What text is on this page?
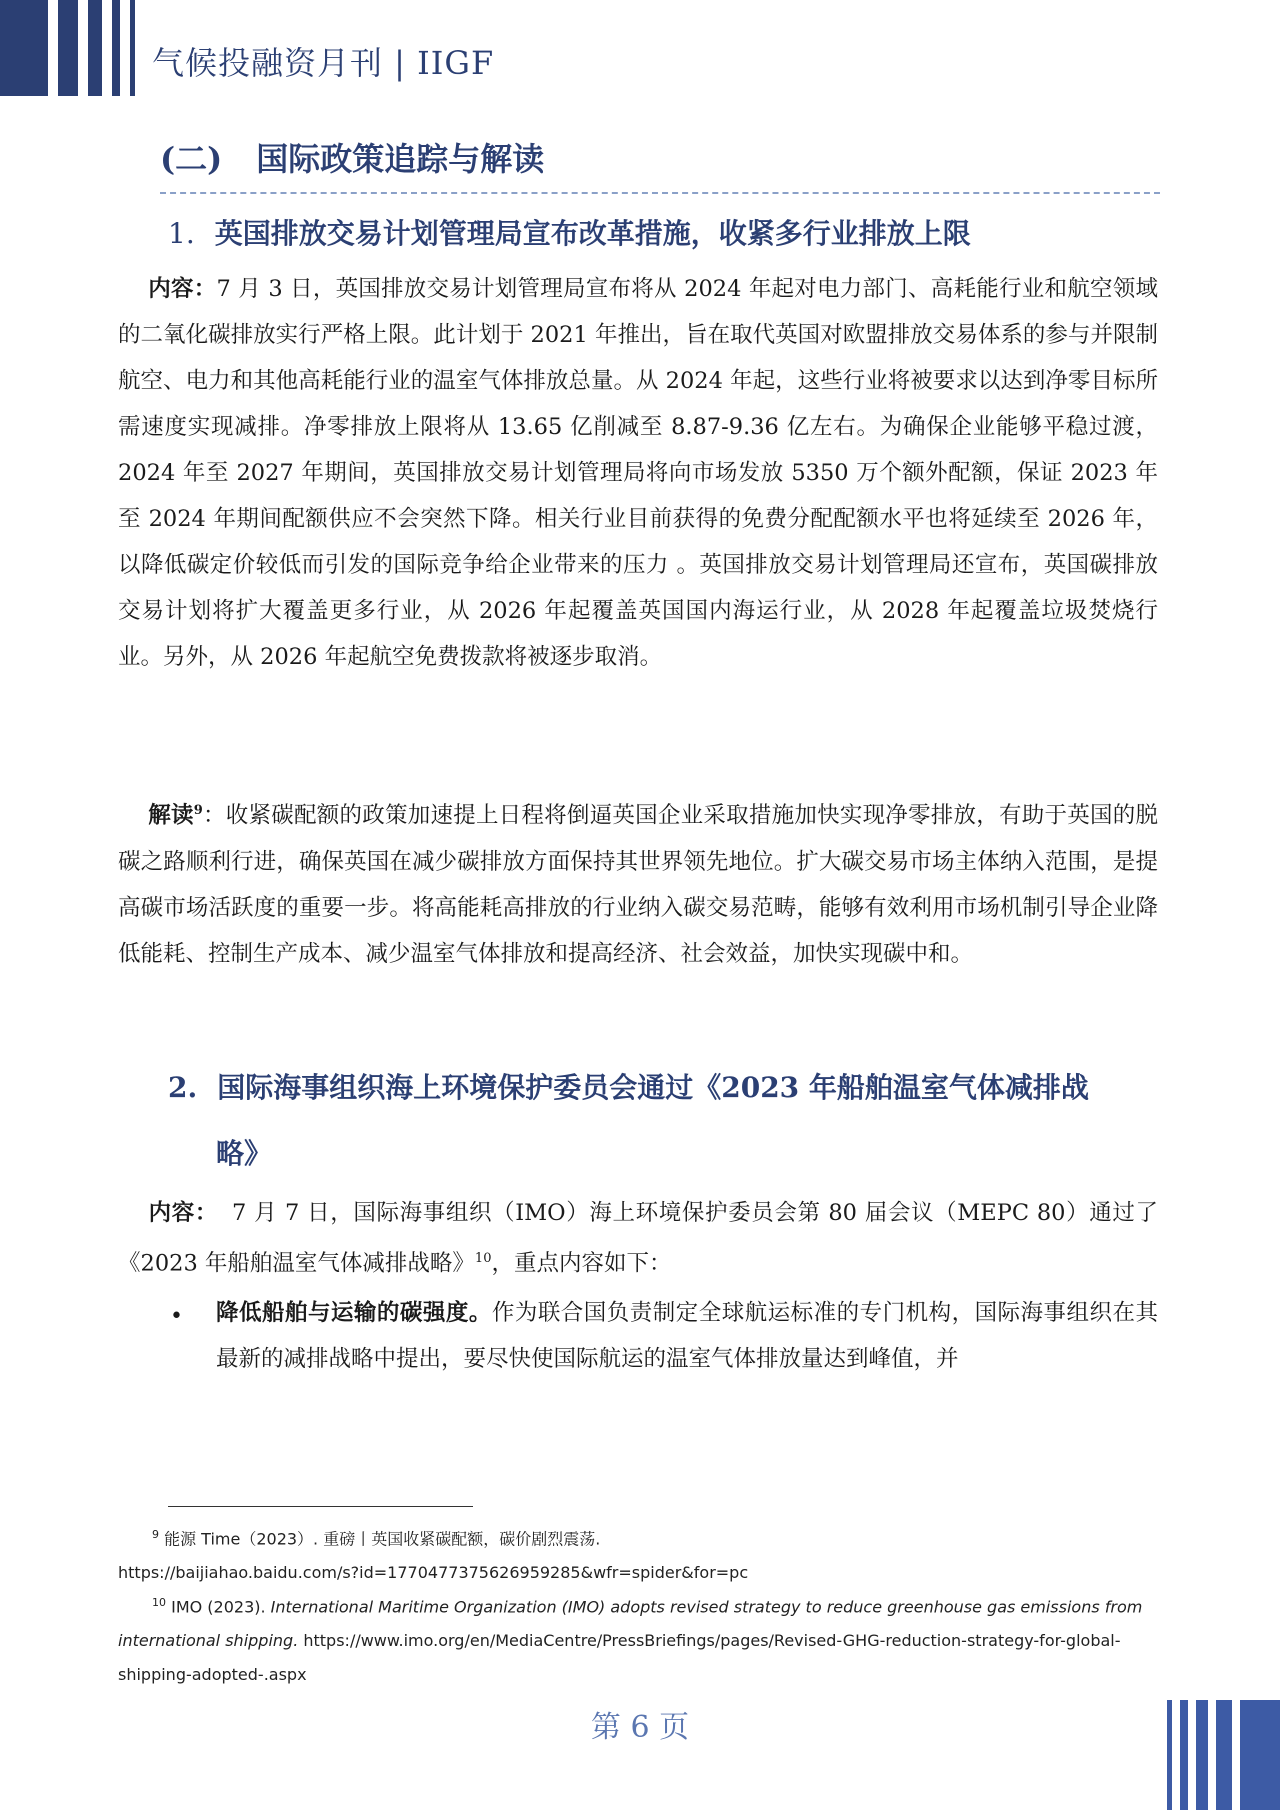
气候投融资月刊 | IIGF
(二) 国际政策追踪与解读
1. 英国排放交易计划管理局宣布改革措施，收紧多行业排放上限
内容：7 月 3 日，英国排放交易计划管理局宣布将从 2024 年起对电力部门、高耗能行业和航空领域的二氧化碳排放实行严格上限。此计划于 2021 年推出，旨在取代英国对欧盟排放交易体系的参与并限制航空、电力和其他高耗能行业的温室气体排放总量。从 2024 年起，这些行业将被要求以达到净零目标所需速度实现减排。净零排放上限将从 13.65 亿削减至 8.87-9.36 亿左右。为确保企业能够平稳过渡，2024 年至 2027 年期间，英国排放交易计划管理局将向市场发放 5350 万个额外配额，保证 2023 年至 2024 年期间配额供应不会突然下降。相关行业目前获得的免费分配配额水平也将延续至 2026 年，以降低碳定价较低而引发的国际竞争给企业带来的压力 。英国排放交易计划管理局还宣布，英国碳排放交易计划将扩大覆盖更多行业，从 2026 年起覆盖英国国内海运行业，从 2028 年起覆盖垃圾焚烧行业。另外，从 2026 年起航空免费拨款将被逐步取消。
解读$^9$：收紧碳配额的政策加速提上日程将倒逼英国企业采取措施加快实现净零排放，有助于英国的脱碳之路顺利行进，确保英国在减少碳排放方面保持其世界领先地位。扩大碳交易市场主体纳入范围，是提高碳市场活跃度的重要一步。将高能耗高排放的行业纳入碳交易范畴，能够有效利用市场机制引导企业降低能耗、控制生产成本、减少温室气体排放和提高经济、社会效益，加快实现碳中和。
2. 国际海事组织海上环境保护委员会通过《2023 年船舶温室气体减排战
略》
内容： 7 月 7 日，国际海事组织（IMO）海上环境保护委员会第 80 届会议（MEPC 80）通过了《2023 年船舶温室气体减排战略》$^{10}$，重点内容如下：
• 降低船舶与运输的碳强度。作为联合国负责制定全球航运标准的专门机构，国际海事组织在其最新的减排战略中提出，要尽快使国际航运的温室气体排放量达到峰值，并
$^9$ 能源 Time（2023）. 重磅丨英国收紧碳配额，碳价剧烈震荡.
https://baijiahao.baidu.com/s?id=1770477375626959285&wfr=spider&for=pc
$^{10}$ IMO (2023). International Maritime Organization (IMO) adopts revised strategy to reduce greenhouse gas emissions from international shipping. https://www.imo.org/en/MediaCentre/PressBriefings/pages/Revised-GHG-reduction-strategy-for-global-shipping-adopted-.aspx
第 6 页
